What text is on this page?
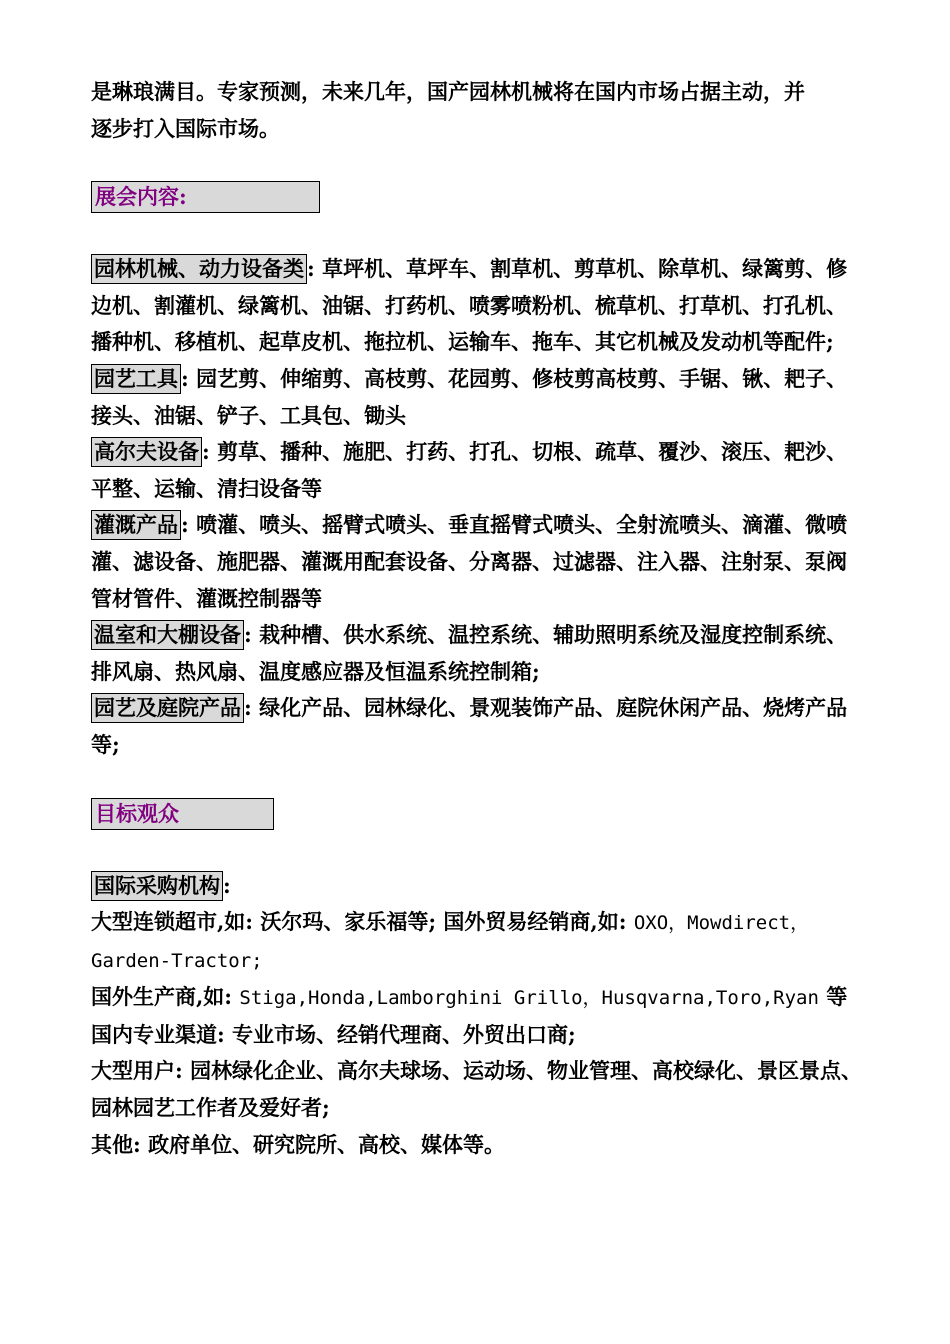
是琳琅满目。专家预测，未来几年，国产园林机械将在国内市场占据主动，并

逐步打入国际市场。

展会内容:

园林机械、动力设备类 : 草坪机、草坪车、割草机、剪草机、除草机、绿篱剪、修边机、割灌机、绿篱机、油锯、打药机、喷雾喷粉机、梳草机、打草机、打孔机、播种机、移植机、起草皮机、拖拉机、运输车、拖车、其它机械及发动机等配件;

园艺工具 : 园艺剪、伸缩剪、高枝剪、花园剪、修枝剪高枝剪、手锯、锹、耙子、接头、油锯、铲子、工具包、锄头

高尔夫设备 : 剪草、播种、施肥、打药、打孔、切根、疏草、覆沙、滚压、耙沙、平整、运输、清扫设备等

灌溉产品 : 喷灌、喷头、摇臂式喷头、垂直摇臂式喷头、全射流喷头、滴灌、微喷灌、滤设备、施肥器、灌溉用配套设备、分离器、过滤器、注入器、注射泵、泵阀管材管件、灌溉控制器等

温室和大棚设备 : 栽种槽、供水系统、温控系统、辅助照明系统及湿度控制系统、排风扇、热风扇、温度感应器及恒温系统控制箱;

园艺及庭院产品 : 绿化产品、园林绿化、景观装饰产品、庭院休闲产品、烧烤产品等;

目标观众

国际采购机构 :

大型连锁超市,如: 沃尔玛、家乐福等; 国外贸易经销商,如: OXO，Mowdirect，
Garden-Tractor;

国外生产商,如: Stiga,Honda,Lamborghini Grillo，Husqvarna,Toro,Ryan 等

国内专业渠道: 专业市场、经销代理商、外贸出口商;

大型用户: 园林绿化企业、高尔夫球场、运动场、物业管理、高校绿化、景区景点、园林园艺工作者及爱好者;

其他: 政府单位、研究院所、高校、媒体等。
